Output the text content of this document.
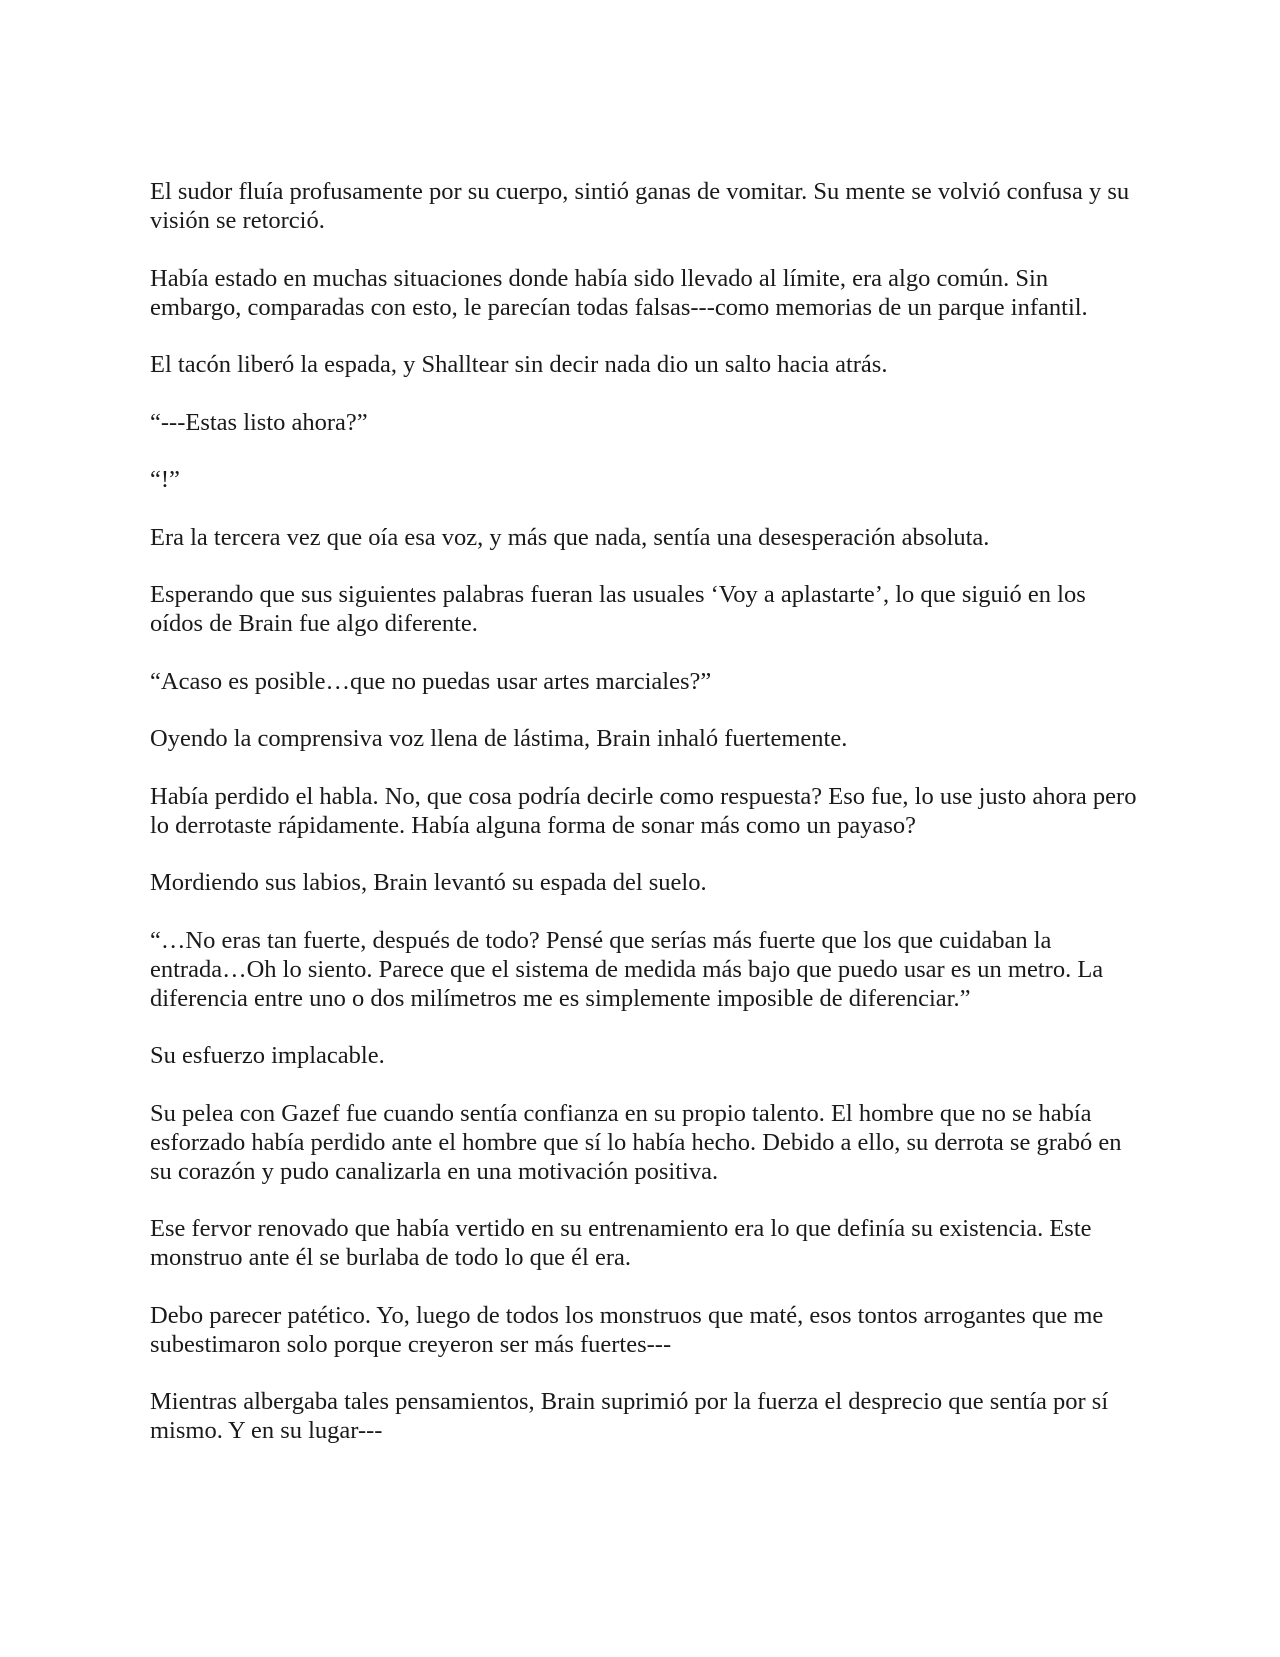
El sudor fluía profusamente por su cuerpo, sintió ganas de vomitar. Su mente se volvió confusa y su visión se retorció.

Había estado en muchas situaciones donde había sido llevado al límite, era algo común. Sin embargo, comparadas con esto, le parecían todas falsas---como memorias de un parque infantil.

El tacón liberó la espada, y Shalltear sin decir nada dio un salto hacia atrás.

“---Estas listo ahora?”

“!”

Era la tercera vez que oía esa voz, y más que nada, sentía una desesperación absoluta.

Esperando que sus siguientes palabras fueran las usuales ‘Voy a aplastarte’, lo que siguió en los oídos de Brain fue algo diferente.

“Acaso es posible…que no puedas usar artes marciales?”

Oyendo la comprensiva voz llena de lástima, Brain inhaló fuertemente.

Había perdido el habla. No, que cosa podría decirle como respuesta? Eso fue, lo use justo ahora pero lo derrotaste rápidamente. Había alguna forma de sonar más como un payaso?

Mordiendo sus labios, Brain levantó su espada del suelo.

“…No eras tan fuerte, después de todo? Pensé que serías más fuerte que los que cuidaban la entrada…Oh lo siento. Parece que el sistema de medida más bajo que puedo usar es un metro. La diferencia entre uno o dos milímetros me es simplemente imposible de diferenciar.”

Su esfuerzo implacable.

Su pelea con Gazef fue cuando sentía confianza en su propio talento. El hombre que no se había esforzado había perdido ante el hombre que sí lo había hecho. Debido a ello, su derrota se grabó en su corazón y pudo canalizarla en una motivación positiva.

Ese fervor renovado que había vertido en su entrenamiento era lo que definía su existencia. Este monstruo ante él se burlaba de todo lo que él era.

Debo parecer patético. Yo, luego de todos los monstruos que maté, esos tontos arrogantes que me subestimaron solo porque creyeron ser más fuertes---

Mientras albergaba tales pensamientos, Brain suprimió por la fuerza el desprecio que sentía por sí mismo. Y en su lugar---
